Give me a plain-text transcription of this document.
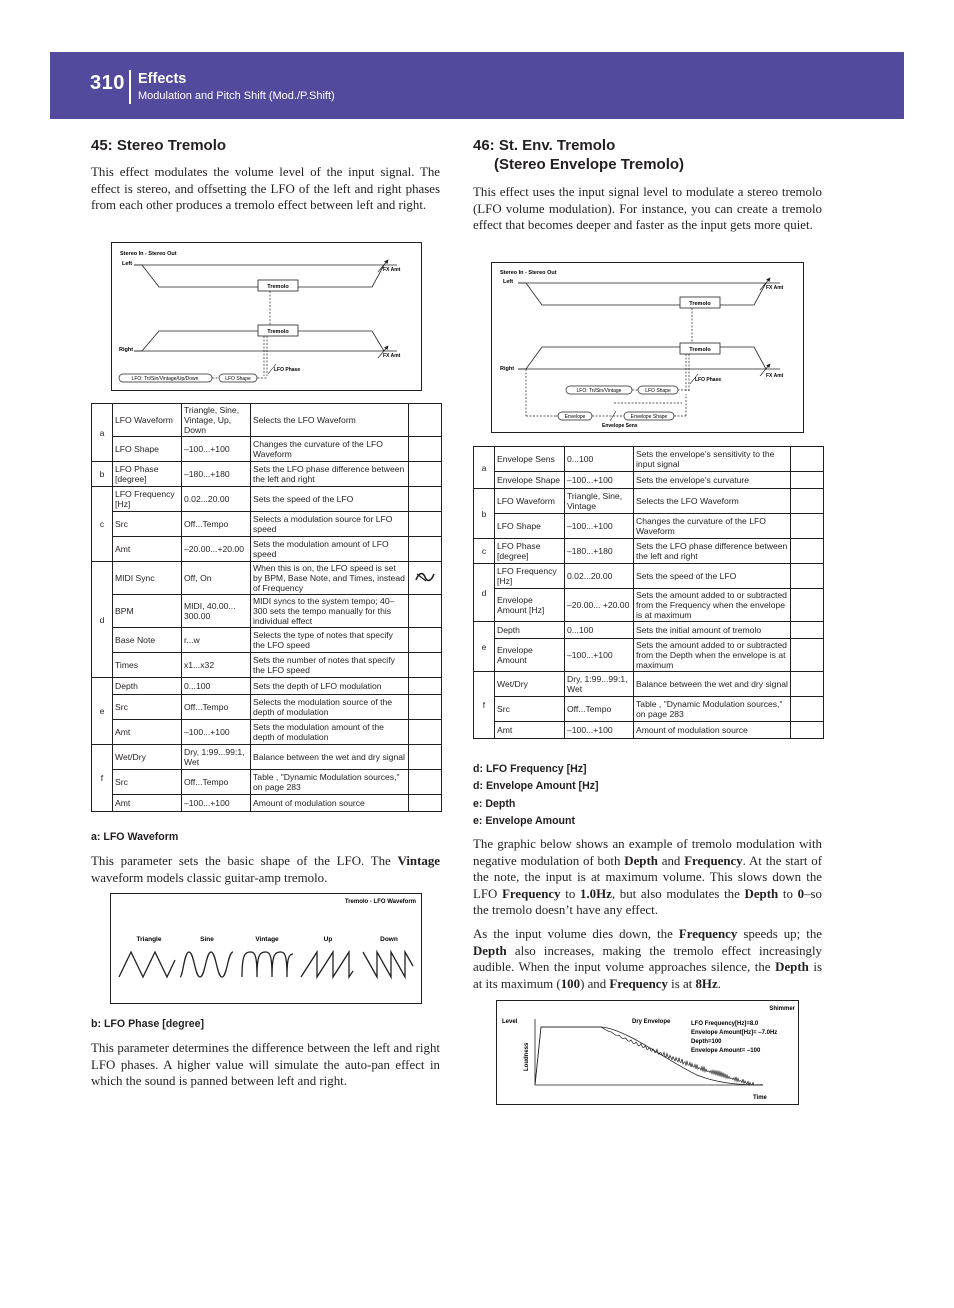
310 Effects
Modulation and Pitch Shift (Mod./P.Shift)
45: Stereo Tremolo
This effect modulates the volume level of the input signal. The effect is stereo, and offsetting the LFO of the left and right phases from each other produces a tremolo effect between left and right.
Stereo In - Stereo Out
Left
Right
FX Amt
FX Amt
Tremolo
Tremolo
LFO Phase
LFO: Tri/Sin/Vintage/Up/Down	LFO Shape
a	LFO Waveform	Triangle, Sine, Vintage, Up, Down	Selects the LFO Waveform	
	LFO Shape	–100...+100	Changes the curvature of the LFO Waveform	
b	LFO Phase [degree]	–180...+180	Sets the LFO phase difference between the left and right	
c	LFO Frequency [Hz]	0.02...20.00	Sets the speed of the LFO	
	Src	Off...Tempo	Selects a modulation source for LFO speed	
	Amt	–20.00...+20.00	Sets the modulation amount of LFO speed	
d	MIDI Sync	Off, On	When this is on, the LFO speed is set by BPM, Base Note, and Times, instead of Frequency	
	BPM	MIDI, 40.00... 300.00	MIDI syncs to the system tempo; 40–300 sets the tempo manually for this individual effect	
	Base Note	r...w	Selects the type of notes that specify the LFO speed	
	Times	x1...x32	Sets the number of notes that specify the LFO speed	
e	Depth	0...100	Sets the depth of LFO modulation	
	Src	Off...Tempo	Selects the modulation source of the depth of modulation	
	Amt	–100...+100	Sets the modulation amount of the depth of modulation	
f	Wet/Dry	Dry, 1:99...99:1, Wet	Balance between the wet and dry signal	
	Src	Off...Tempo	Table , "Dynamic Modulation sources," on page 283	
	Amt	–100...+100	Amount of modulation source	
a: LFO Waveform
This parameter sets the basic shape of the LFO. The Vintage waveform models classic guitar-amp tremolo.
Tremolo - LFO Waveform
Triangle	Sine	Vintage	Up	Down
b: LFO Phase [degree]
This parameter determines the difference between the left and right LFO phases. A higher value will simulate the auto-pan effect in which the sound is panned between left and right.
46: St. Env. Tremolo
(Stereo Envelope Tremolo)
This effect uses the input signal level to modulate a stereo tremolo (LFO volume modulation). For instance, you can create a tremolo effect that becomes deeper and faster as the input gets more quiet.
Stereo In - Stereo Out
Left
Right
FX Amt
FX Amt
Tremolo
Tremolo
LFO Phase
LFO: Tri/Sin/Vintage	LFO Shape
Envelope	Envelope Shape
Envelope Sens
a	Envelope Sens	0...100	Sets the envelope’s sensitivity to the input signal	
	Envelope Shape	–100...+100	Sets the envelope’s curvature	
b	LFO Waveform	Triangle, Sine, Vintage	Selects the LFO Waveform	
	LFO Shape	–100...+100	Changes the curvature of the LFO Waveform	
c	LFO Phase [degree]	–180...+180	Sets the LFO phase difference between the left and right	
d	LFO Frequency [Hz]	0.02...20.00	Sets the speed of the LFO	
	Envelope Amount [Hz]	–20.00... +20.00	Sets the amount added to or subtracted from the Frequency when the envelope is at maximum	
e	Depth	0...100	Sets the initial amount of tremolo	
	Envelope Amount	–100...+100	Sets the amount added to or subtracted from the Depth when the envelope is at maximum	
f	Wet/Dry	Dry, 1:99...99:1, Wet	Balance between the wet and dry signal	
	Src	Off...Tempo	Table , "Dynamic Modulation sources," on page 283	
	Amt	–100...+100	Amount of modulation source	
d: LFO Frequency [Hz]
d: Envelope Amount [Hz]
e: Depth
e: Envelope Amount
The graphic below shows an example of tremolo modulation with negative modulation of both Depth and Frequency. At the start of the note, the input is at maximum volume. This slows down the LFO Frequency to 1.0Hz, but also modulates the Depth to 0–so the tremolo doesn’t have any effect.
As the input volume dies down, the Frequency speeds up; the Depth also increases, making the tremolo effect increasingly audible. When the input volume approaches silence, the Depth is at its maximum (100) and Frequency is at 8Hz.
Shimmer
Level	Dry Envelope
Loudness
Time
LFO Frequency[Hz]=8.0
Envelope Amount[Hz]= –7.0Hz
Depth=100
Envelope Amount= –100
